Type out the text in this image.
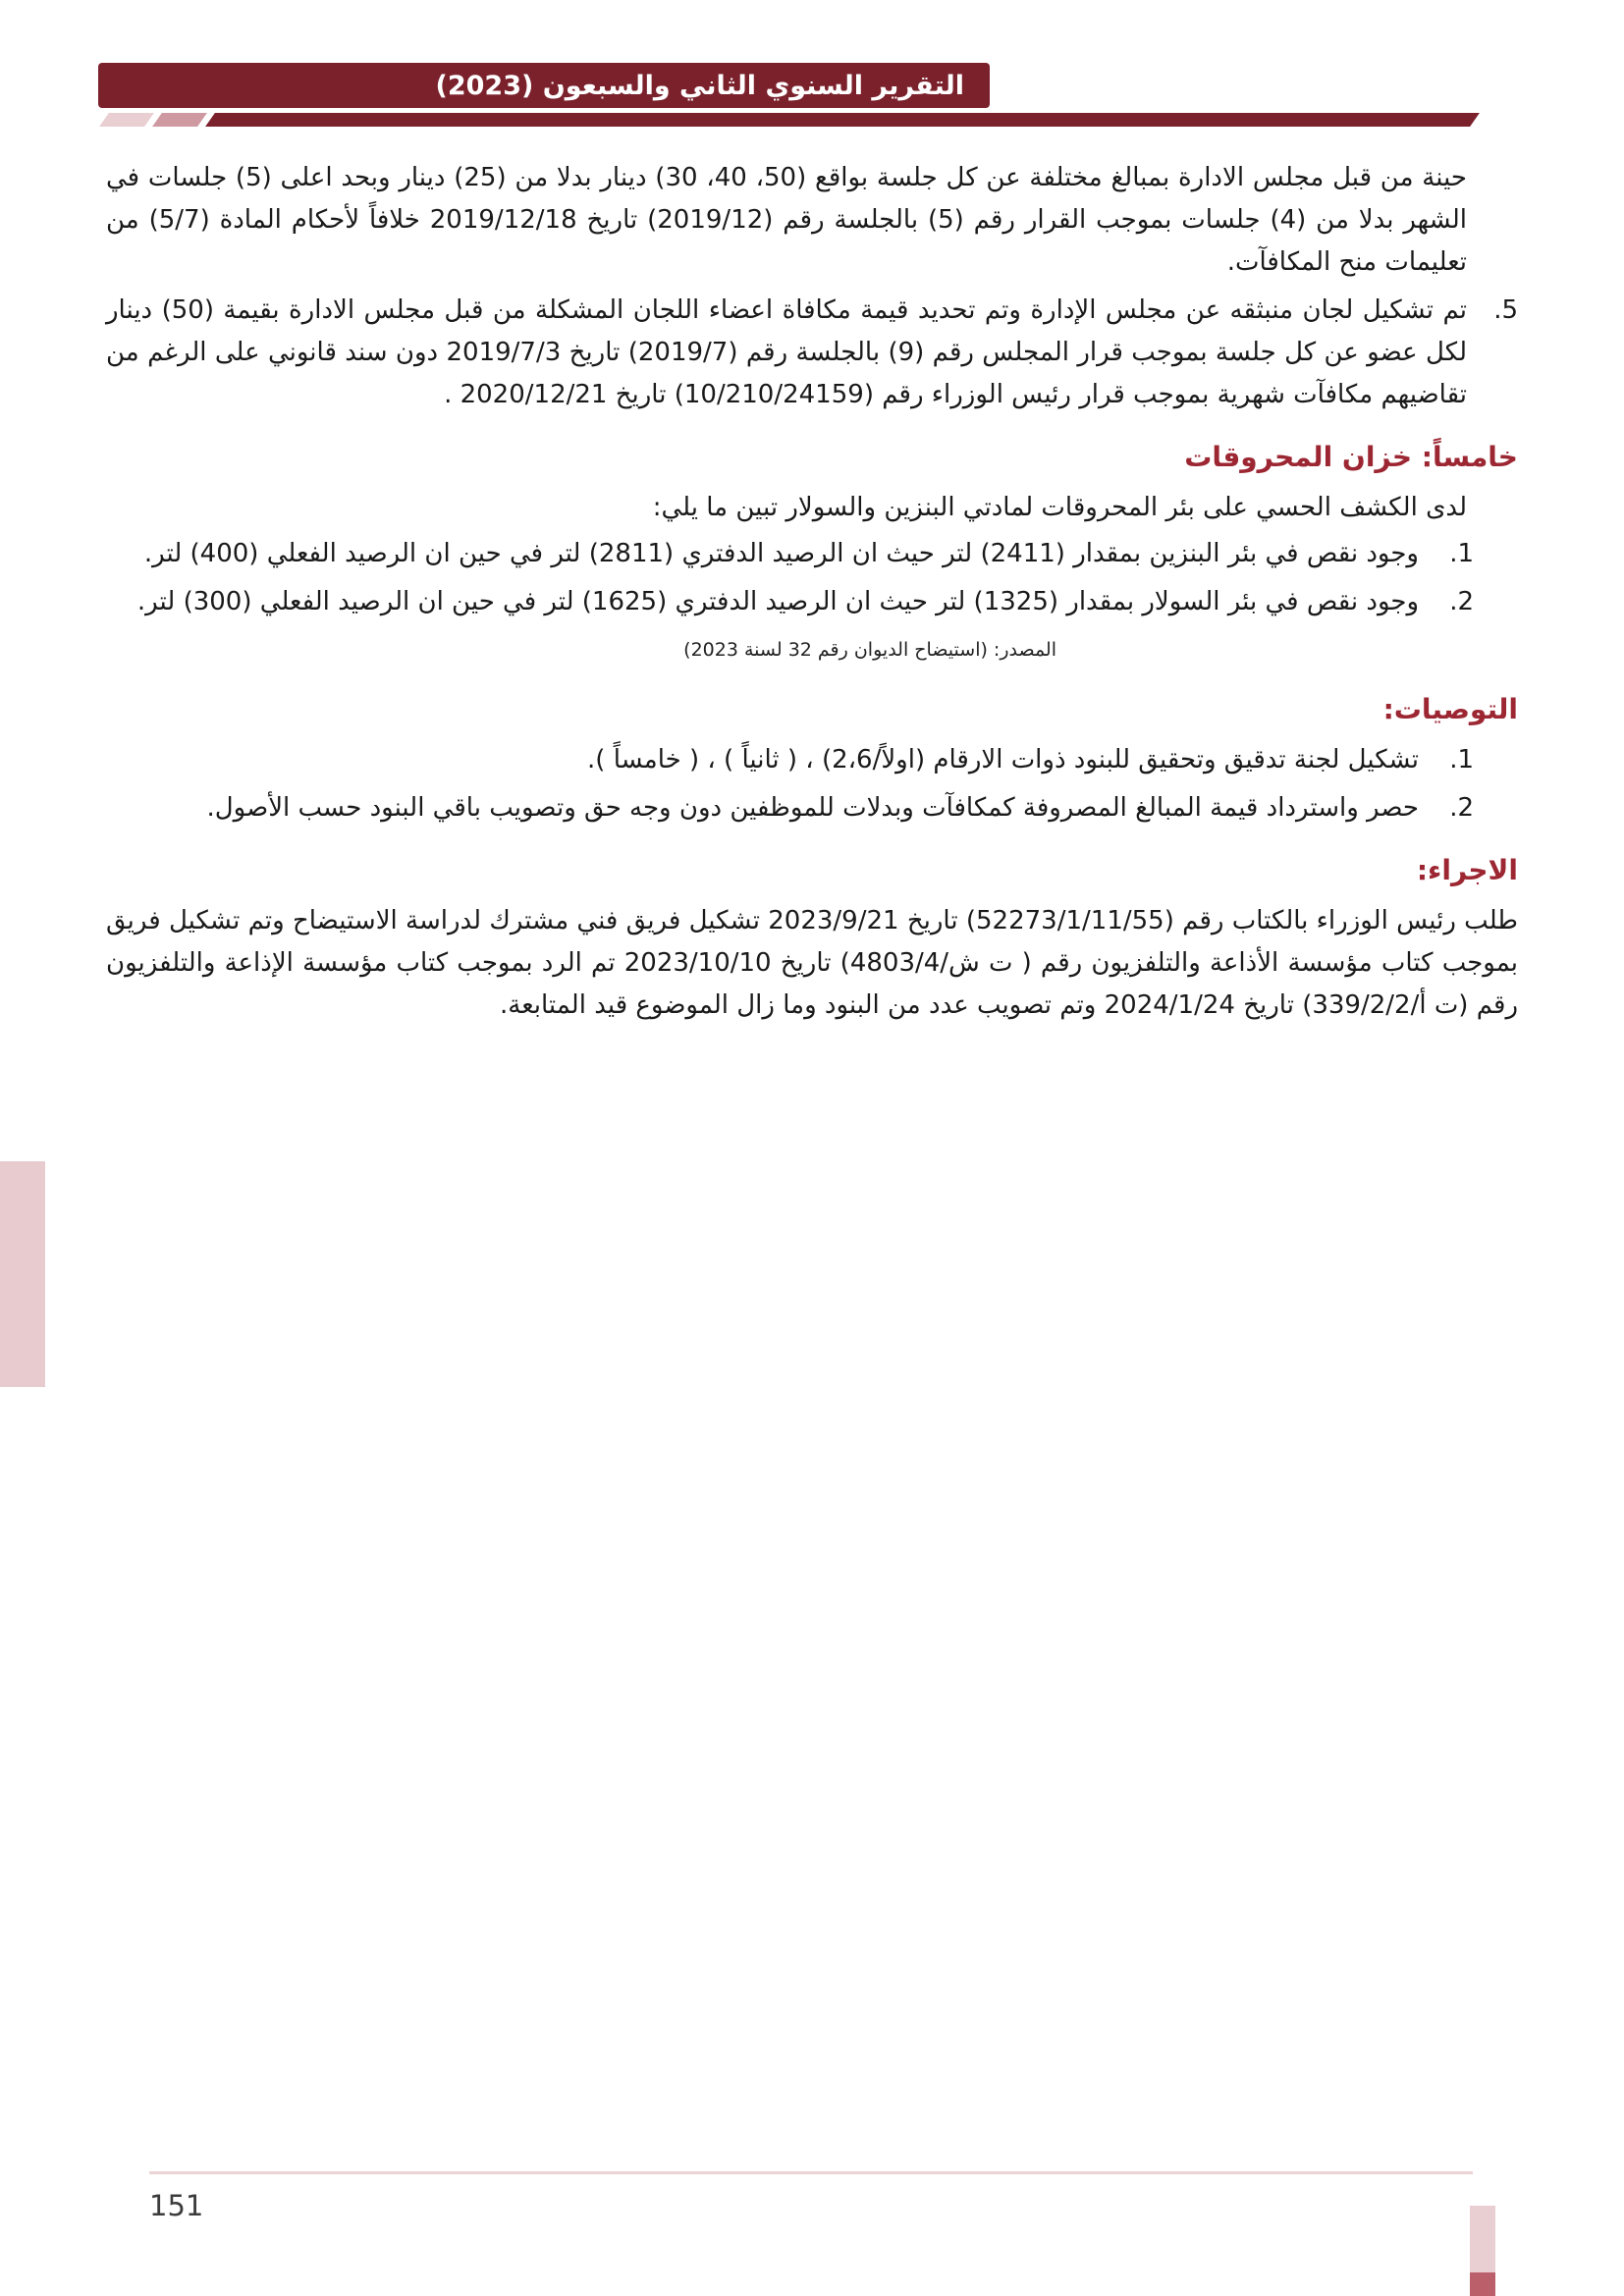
التقرير السنوي الثاني والسبعون (2023)

حينة من قبل مجلس الادارة بمبالغ مختلفة عن كل جلسة بواقع (50، 40، 30) دينار بدلا من (25) دينار وبحد اعلى (5) جلسات في الشهر بدلا من (4) جلسات بموجب القرار رقم (5) بالجلسة رقم (2019/12) تاريخ 2019/12/18 خلافاً لأحكام المادة (5/7) من تعليمات منح المكافآت.

5.

تم تشكيل لجان منبثقه عن مجلس الإدارة وتم تحديد قيمة مكافاة اعضاء اللجان المشكلة من قبل مجلس الادارة بقيمة (50) دينار لكل عضو عن كل جلسة بموجب قرار المجلس رقم (9) بالجلسة رقم (2019/7) تاريخ 2019/7/3 دون سند قانوني على الرغم من تقاضيهم مكافآت شهرية بموجب قرار رئيس الوزراء رقم (10/210/24159) تاريخ 2020/12/21 .

خامساً: خزان المحروقات

لدى الكشف الحسي على بئر المحروقات لمادتي البنزين والسولار تبين ما يلي:

1.

وجود نقص في بئر البنزين بمقدار (2411) لتر حيث ان الرصيد الدفتري (2811) لتر في حين ان الرصيد الفعلي (400) لتر.

2.

وجود نقص في بئر السولار بمقدار (1325) لتر حيث ان الرصيد الدفتري (1625) لتر في حين ان الرصيد الفعلي (300) لتر.

المصدر: (استيضاح الديوان رقم 32 لسنة 2023)

التوصيات:
1.

تشكيل لجنة تدقيق وتحقيق للبنود ذوات الارقام (اولاً/2،6) ، ( ثانياً ) ، ( خامساً ).

2.

حصر واسترداد قيمة المبالغ المصروفة كمكافآت وبدلات للموظفين دون وجه حق وتصويب باقي البنود حسب الأصول.

الاجراء:

طلب رئيس الوزراء بالكتاب رقم (52273/1/11/55) تاريخ 2023/9/21 تشكيل فريق فني مشترك لدراسة الاستيضاح وتم تشكيل فريق بموجب كتاب مؤسسة الأذاعة والتلفزيون رقم ( ت ش/4803/4) تاريخ 2023/10/10 تم الرد بموجب كتاب مؤسسة الإذاعة والتلفزيون رقم (ت أ/339/2/2) تاريخ 2024/1/24 وتم تصويب عدد من البنود وما زال الموضوع قيد المتابعة.

151
